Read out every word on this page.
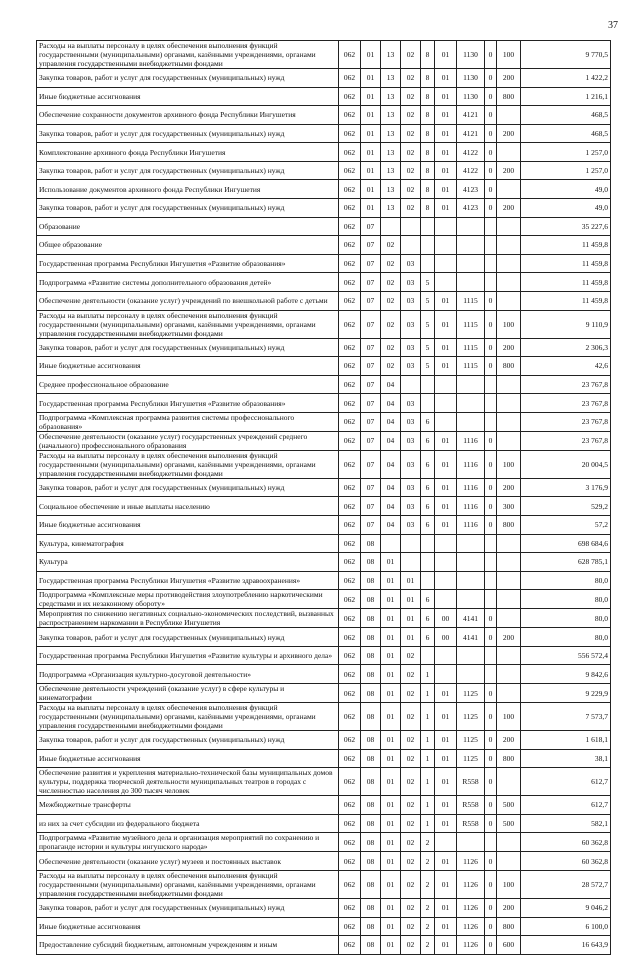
37
Расходы на выплаты персоналу в целях обеспечения выполнения функций государственными (муниципальными) органами, казёнными учреждениями, органами управления государственными внебюджетными фондами	062	01	13	02	8	01	1130	0	100	9 770,5
Закупка товаров, работ и услуг для государственных (муниципальных) нужд	062	01	13	02	8	01	1130	0	200	1 422,2
Иные бюджетные ассигнования	062	01	13	02	8	01	1130	0	800	1 216,1
Обеспечение сохранности документов архивного фонда Республики Ингушетия	062	01	13	02	8	01	4121	0		468,5
Закупка товаров, работ и услуг для государственных (муниципальных) нужд	062	01	13	02	8	01	4121	0	200	468,5
Комплектование архивного фонда Республики Ингушетия	062	01	13	02	8	01	4122	0		1 257,0
Закупка товаров, работ и услуг для государственных (муниципальных) нужд	062	01	13	02	8	01	4122	0	200	1 257,0
Использование документов архивного фонда Республики Ингушетия	062	01	13	02	8	01	4123	0		49,0
Закупка товаров, работ и услуг для государственных (муниципальных) нужд	062	01	13	02	8	01	4123	0	200	49,0
Образование	062	07								35 227,6
Общее образование	062	07	02							11 459,8
Государственная программа Республики Ингушетия «Развитие образования»	062	07	02	03						11 459,8
Подпрограмма «Развитие системы дополнительного образования детей»	062	07	02	03	5					11 459,8
Обеспечение деятельности (оказание услуг) учреждений по внешкольной работе с детьми	062	07	02	03	5	01	1115	0		11 459,8
Расходы на выплаты персоналу в целях обеспечения выполнения функций государственными (муниципальными) органами, казёнными учреждениями, органами управления государственными внебюджетными фондами	062	07	02	03	5	01	1115	0	100	9 110,9
Закупка товаров, работ и услуг для государственных (муниципальных) нужд	062	07	02	03	5	01	1115	0	200	2 306,3
Иные бюджетные ассигнования	062	07	02	03	5	01	1115	0	800	42,6
Среднее профессиональное образование	062	07	04							23 767,8
Государственная программа Республики Ингушетия «Развитие образования»	062	07	04	03						23 767,8
Подпрограмма «Комплексная программа развития системы профессионального образования»	062	07	04	03	6					23 767,8
Обеспечение деятельности (оказание услуг) государственных учреждений среднего (начального) профессионального образования	062	07	04	03	6	01	1116	0		23 767,8
Расходы на выплаты персоналу в целях обеспечения выполнения функций государственными (муниципальными) органами, казёнными учреждениями, органами управления государственными внебюджетными фондами	062	07	04	03	6	01	1116	0	100	20 004,5
Закупка товаров, работ и услуг для государственных (муниципальных) нужд	062	07	04	03	6	01	1116	0	200	3 176,9
Социальное обеспечение и иные выплаты населению	062	07	04	03	6	01	1116	0	300	529,2
Иные бюджетные ассигнования	062	07	04	03	6	01	1116	0	800	57,2
Культура, кинематография	062	08								698 684,6
Культура	062	08	01							628 785,1
Государственная программа Республики Ингушетия «Развитие здравоохранения»	062	08	01	01						80,0
Подпрограмма «Комплексные меры противодействия злоупотреблению наркотическими средствами и их незаконному обороту»	062	08	01	01	6					80,0
Мероприятия по снижению негативных социально-экономических последствий, вызванных распространением наркомании в Республике Ингушетия	062	08	01	01	6	00	4141	0		80,0
Закупка товаров, работ и услуг для государственных (муниципальных) нужд	062	08	01	01	6	00	4141	0	200	80,0
Государственная программа Республики Ингушетия «Развитие культуры и архивного дела»	062	08	01	02						556 572,4
Подпрограмма «Организация культурно-досуговой деятельности»	062	08	01	02	1					9 842,6
Обеспечение деятельности учреждений (оказание услуг) в сфере культуры и кинематографии	062	08	01	02	1	01	1125	0		9 229,9
Расходы на выплаты персоналу в целях обеспечения выполнения функций государственными (муниципальными) органами, казёнными учреждениями, органами управления государственными внебюджетными фондами	062	08	01	02	1	01	1125	0	100	7 573,7
Закупка товаров, работ и услуг для государственных (муниципальных) нужд	062	08	01	02	1	01	1125	0	200	1 618,1
Иные бюджетные ассигнования	062	08	01	02	1	01	1125	0	800	38,1
Обеспечение развития и укрепления материально-технической базы муниципальных домов культуры, поддержка творческой деятельности муниципальных театров в городах с численностью населения до 300 тысяч человек	062	08	01	02	1	01	R558	0		612,7
Межбюджетные трансферты	062	08	01	02	1	01	R558	0	500	612,7
из них за счет субсидии из федерального бюджета	062	08	01	02	1	01	R558	0	500	582,1
Подпрограмма «Развитие музейного дела и организация мероприятий по сохранению и пропаганде истории и культуры ингушского народа»	062	08	01	02	2					60 362,8
Обеспечение деятельности (оказание услуг) музеев и постоянных выставок	062	08	01	02	2	01	1126	0		60 362,8
Расходы на выплаты персоналу в целях обеспечения выполнения функций государственными (муниципальными) органами, казёнными учреждениями, органами управления государственными внебюджетными фондами	062	08	01	02	2	01	1126	0	100	28 572,7
Закупка товаров, работ и услуг для государственных (муниципальных) нужд	062	08	01	02	2	01	1126	0	200	9 046,2
Иные бюджетные ассигнования	062	08	01	02	2	01	1126	0	800	6 100,0
Предоставление субсидий бюджетным, автономным учреждениям и иным	062	08	01	02	2	01	1126	0	600	16 643,9
